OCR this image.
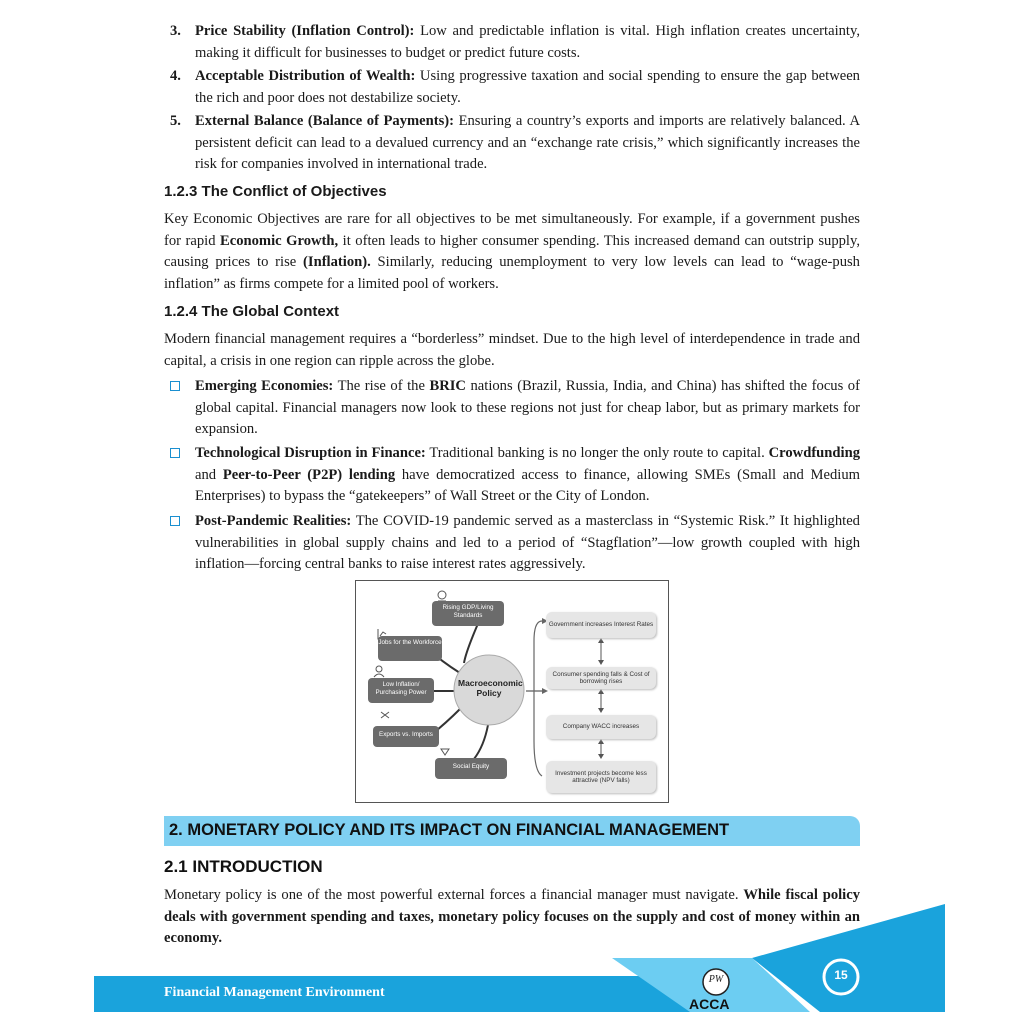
3. Price Stability (Inflation Control): Low and predictable inflation is vital. High inflation creates uncertainty, making it difficult for businesses to budget or predict future costs.
4. Acceptable Distribution of Wealth: Using progressive taxation and social spending to ensure the gap between the rich and poor does not destabilize society.
5. External Balance (Balance of Payments): Ensuring a country’s exports and imports are relatively balanced. A persistent deficit can lead to a devalued currency and an “exchange rate crisis,” which significantly increases the risk for companies involved in international trade.
1.2.3 The Conflict of Objectives
Key Economic Objectives are rare for all objectives to be met simultaneously. For example, if a government pushes for rapid Economic Growth, it often leads to higher consumer spending. This increased demand can outstrip supply, causing prices to rise (Inflation). Similarly, reducing unemployment to very low levels can lead to “wage-push inflation” as firms compete for a limited pool of workers.
1.2.4 The Global Context
Modern financial management requires a “borderless” mindset. Due to the high level of interdependence in trade and capital, a crisis in one region can ripple across the globe.
Emerging Economies: The rise of the BRIC nations (Brazil, Russia, India, and China) has shifted the focus of global capital. Financial managers now look to these regions not just for cheap labor, but as primary markets for expansion.
Technological Disruption in Finance: Traditional banking is no longer the only route to capital. Crowdfunding and Peer-to-Peer (P2P) lending have democratized access to finance, allowing SMEs (Small and Medium Enterprises) to bypass the “gatekeepers” of Wall Street or the City of London.
Post-Pandemic Realities: The COVID-19 pandemic served as a masterclass in “Systemic Risk.” It highlighted vulnerabilities in global supply chains and led to a period of “Stagflation”—low growth coupled with high inflation—forcing central banks to raise interest rates aggressively.
Macroeconomic Policy
Rising GDP/Living Standards
Jobs for the Workforce
Low Inflation/ Purchasing Power
Exports vs. Imports
Social Equity
Government increases Interest Rates
Consumer spending falls & Cost of borrowing rises
Company WACC increases
Investment projects become less attractive (NPV falls)
2. MONETARY POLICY AND ITS IMPACT ON FINANCIAL MANAGEMENT
2.1 INTRODUCTION
Monetary policy is one of the most powerful external forces a financial manager must navigate. While fiscal policy deals with government spending and taxes, monetary policy focuses on the supply and cost of money within an economy.
Financial Management Environment
15
PW
ACCA
